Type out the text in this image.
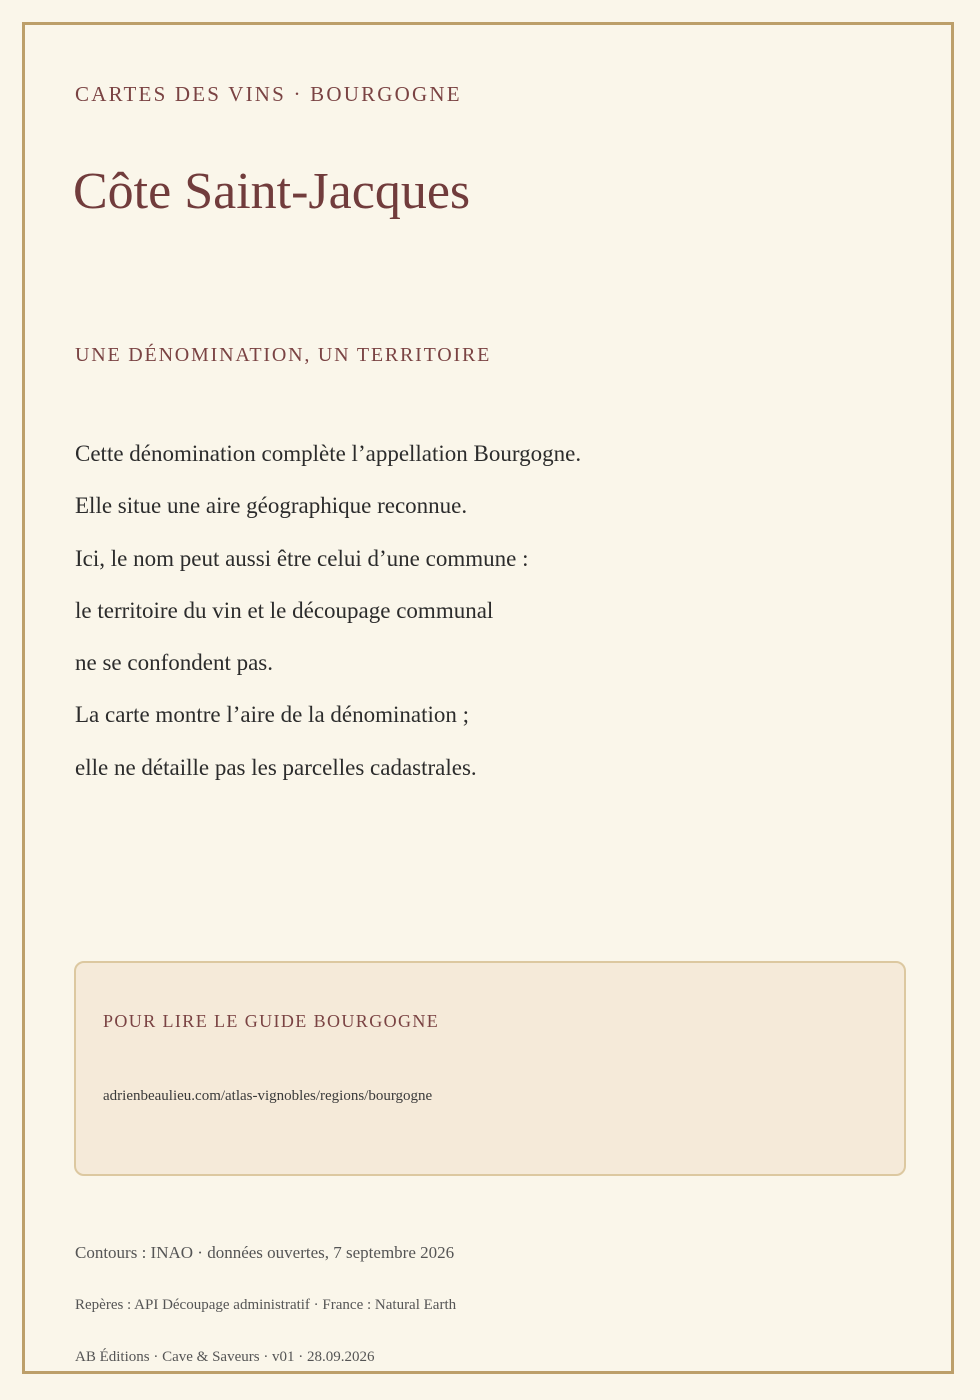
CARTES DES VINS · BOURGOGNE
Côte Saint-Jacques
UNE DÉNOMINATION, UN TERRITOIRE
Cette dénomination complète l’appellation Bourgogne.
Elle situe une aire géographique reconnue.
Ici, le nom peut aussi être celui d’une commune :
le territoire du vin et le découpage communal
ne se confondent pas.
La carte montre l’aire de la dénomination ;
elle ne détaille pas les parcelles cadastrales.
POUR LIRE LE GUIDE BOURGOGNE
adrienbeaulieu.com/atlas-vignobles/regions/bourgogne
Contours : INAO · données ouvertes, 7 septembre 2026
Repères : API Découpage administratif · France : Natural Earth
AB Éditions · Cave & Saveurs · v01 · 28.09.2026
